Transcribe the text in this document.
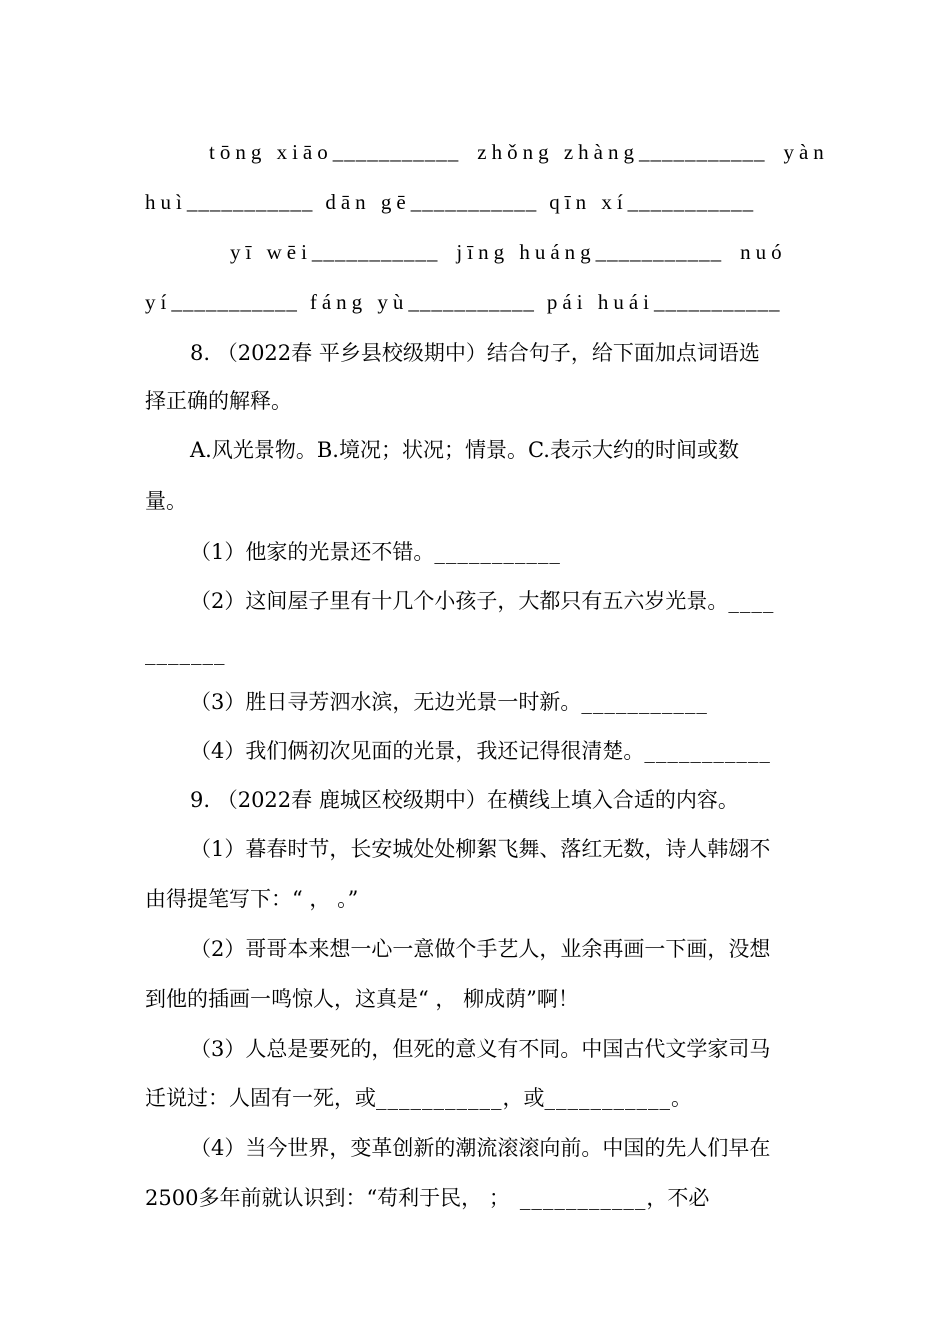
tōng xiāo___________ zhǒng zhàng___________ yàn
huì___________ dān gē___________ qīn xí___________
yī wēi___________ jīng huáng___________ nuó
yí___________ fáng yù___________ pái huái___________
8. （2022春 平乡县校级期中）结合句子，给下面加点词语选
择正确的解释。
A.风光景物。B.境况；状况；情景。C.表示大约的时间或数
量。
（1）他家的光景还不错。___________
（2）这间屋子里有十几个小孩子，大都只有五六岁光景。____
_______
（3）胜日寻芳泗水滨，无边光景一时新。___________
（4）我们俩初次见面的光景，我还记得很清楚。___________
9. （2022春 鹿城区校级期中）在横线上填入合适的内容。
（1）暮春时节，长安城处处柳絮飞舞、落红无数，诗人韩翃不
由得提笔写下：“ ， 。”
（2）哥哥本来想一心一意做个手艺人，业余再画一下画，没想
到他的插画一鸣惊人，这真是“ ， 柳成荫”啊！
（3）人总是要死的，但死的意义有不同。中国古代文学家司马
迁说过：人固有一死，或___________，或___________。
（4）当今世界，变革创新的潮流滚滚向前。中国的先人们早在
2500多年前就认识到：“苟利于民， ； ___________，不必
